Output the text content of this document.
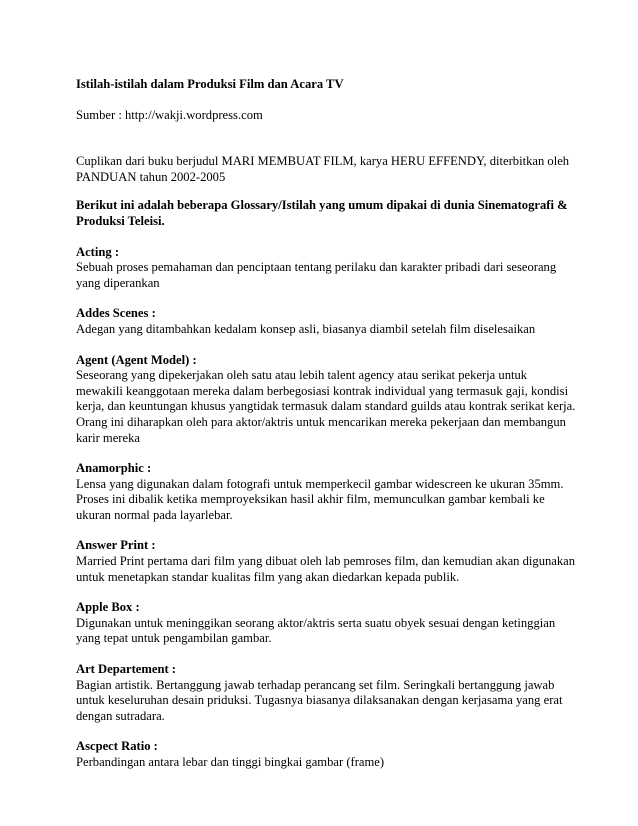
Istilah-istilah dalam Produksi Film dan Acara TV
Sumber : http://wakji.wordpress.com
Cuplikan dari buku berjudul MARI MEMBUAT FILM, karya HERU EFFENDY, diterbitkan oleh PANDUAN tahun 2002-2005
Berikut ini adalah beberapa Glossary/Istilah yang umum dipakai di dunia Sinematografi & Produksi Teleisi.
Acting :
Sebuah proses pemahaman dan penciptaan tentang perilaku dan karakter pribadi dari seseorang yang diperankan
Addes Scenes :
Adegan yang ditambahkan kedalam konsep asli, biasanya diambil setelah film diselesaikan
Agent (Agent Model) :
Seseorang yang dipekerjakan oleh satu atau lebih talent agency atau serikat pekerja untuk mewakili keanggotaan mereka dalam berbegosiasi kontrak individual yang termasuk gaji, kondisi kerja, dan keuntungan khusus yangtidak termasuk dalam standard guilds atau kontrak serikat kerja. Orang ini diharapkan oleh para aktor/aktris untuk mencarikan mereka pekerjaan dan membangun karir mereka
Anamorphic :
Lensa yang digunakan dalam fotografi untuk memperkecil gambar widescreen ke ukuran 35mm. Proses ini dibalik ketika memproyeksikan hasil akhir film, memunculkan gambar kembali ke ukuran normal pada layarlebar.
Answer Print :
Married Print pertama dari film yang dibuat oleh lab pemroses film, dan kemudian akan digunakan untuk menetapkan standar kualitas film yang akan diedarkan kepada publik.
Apple Box :
Digunakan untuk meninggikan seorang aktor/aktris serta suatu obyek sesuai dengan ketinggian yang tepat untuk pengambilan gambar.
Art Departement :
Bagian artistik. Bertanggung jawab terhadap perancang set film. Seringkali bertanggung jawab untuk keseluruhan desain priduksi. Tugasnya biasanya dilaksanakan dengan kerjasama yang erat dengan sutradara.
Ascpect Ratio :
Perbandingan antara lebar dan tinggi bingkai gambar (frame)
